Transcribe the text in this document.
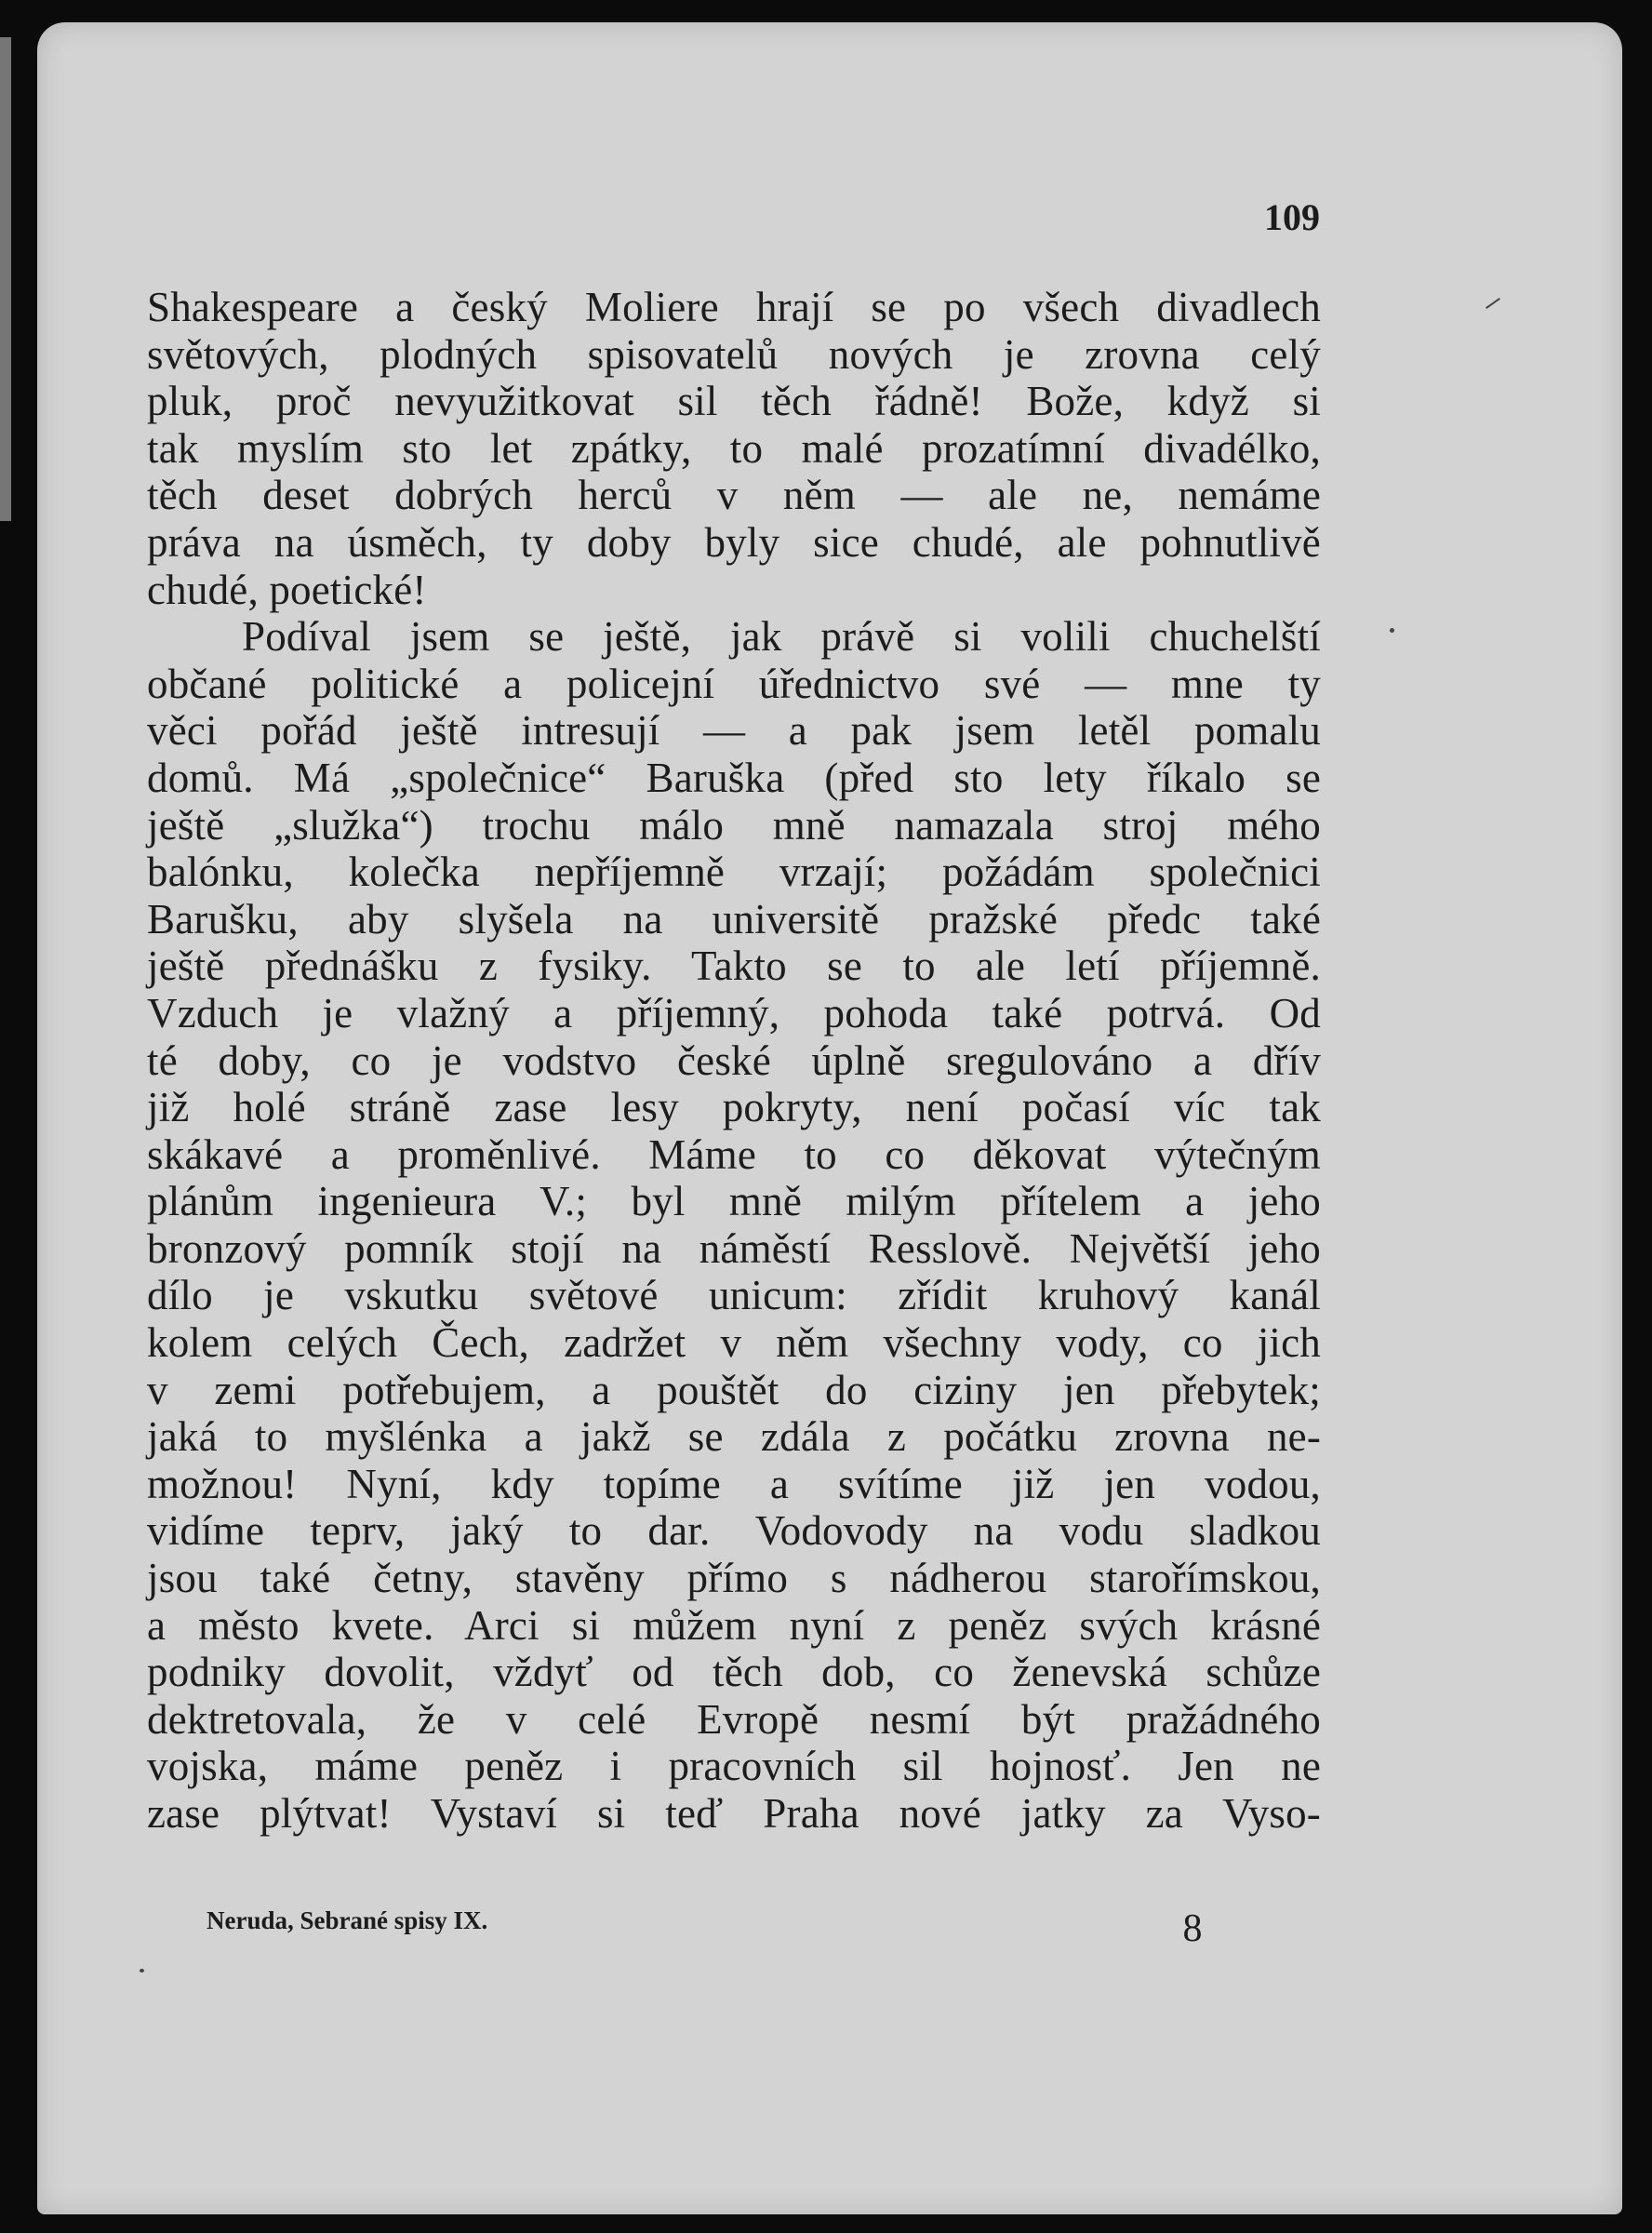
109
Shakespeare a český Moliere hrají se po všech divadlech
světových, plodných spisovatelů nových je zrovna celý
pluk, proč nevyužitkovat sil těch řádně! Bože, když si
tak myslím sto let zpátky, to malé prozatímní divadélko,
těch deset dobrých herců v něm — ale ne, nemáme
práva na úsměch, ty doby byly sice chudé, ale pohnutlivě
chudé, poetické!
Podíval jsem se ještě, jak právě si volili chuchelští
občané politické a policejní úřednictvo své — mne ty
věci pořád ještě intresují — a pak jsem letěl pomalu
domů. Má „společnice“ Baruška (před sto lety říkalo se
ještě „služka“) trochu málo mně namazala stroj mého
balónku, kolečka nepříjemně vrzají; požádám společnici
Barušku, aby slyšela na universitě pražské předc také
ještě přednášku z fysiky. Takto se to ale letí příjemně.
Vzduch je vlažný a příjemný, pohoda také potrvá. Od
té doby, co je vodstvo české úplně sregulováno a dřív
již holé stráně zase lesy pokryty, není počasí víc tak
skákavé a proměnlivé. Máme to co děkovat výtečným
plánům ingenieura V.; byl mně milým přítelem a jeho
bronzový pomník stojí na náměstí Resslově. Největší jeho
dílo je vskutku světové unicum: zřídit kruhový kanál
kolem celých Čech, zadržet v něm všechny vody, co jich
v zemi potřebujem, a pouštět do ciziny jen přebytek;
jaká to myšlénka a jakž se zdála z počátku zrovna ne-
možnou! Nyní, kdy topíme a svítíme již jen vodou,
vidíme teprv, jaký to dar. Vodovody na vodu sladkou
jsou také četny, stavěny přímo s nádherou starořímskou,
a město kvete. Arci si můžem nyní z peněz svých krásné
podniky dovolit, vždyť od těch dob, co ženevská schůze
dektretovala, že v celé Evropě nesmí být pražádného
vojska, máme peněz i pracovních sil hojnosť. Jen ne
zase plýtvat! Vystaví si teď Praha nové jatky za Vyso-
Neruda, Sebrané spisy IX.	8
